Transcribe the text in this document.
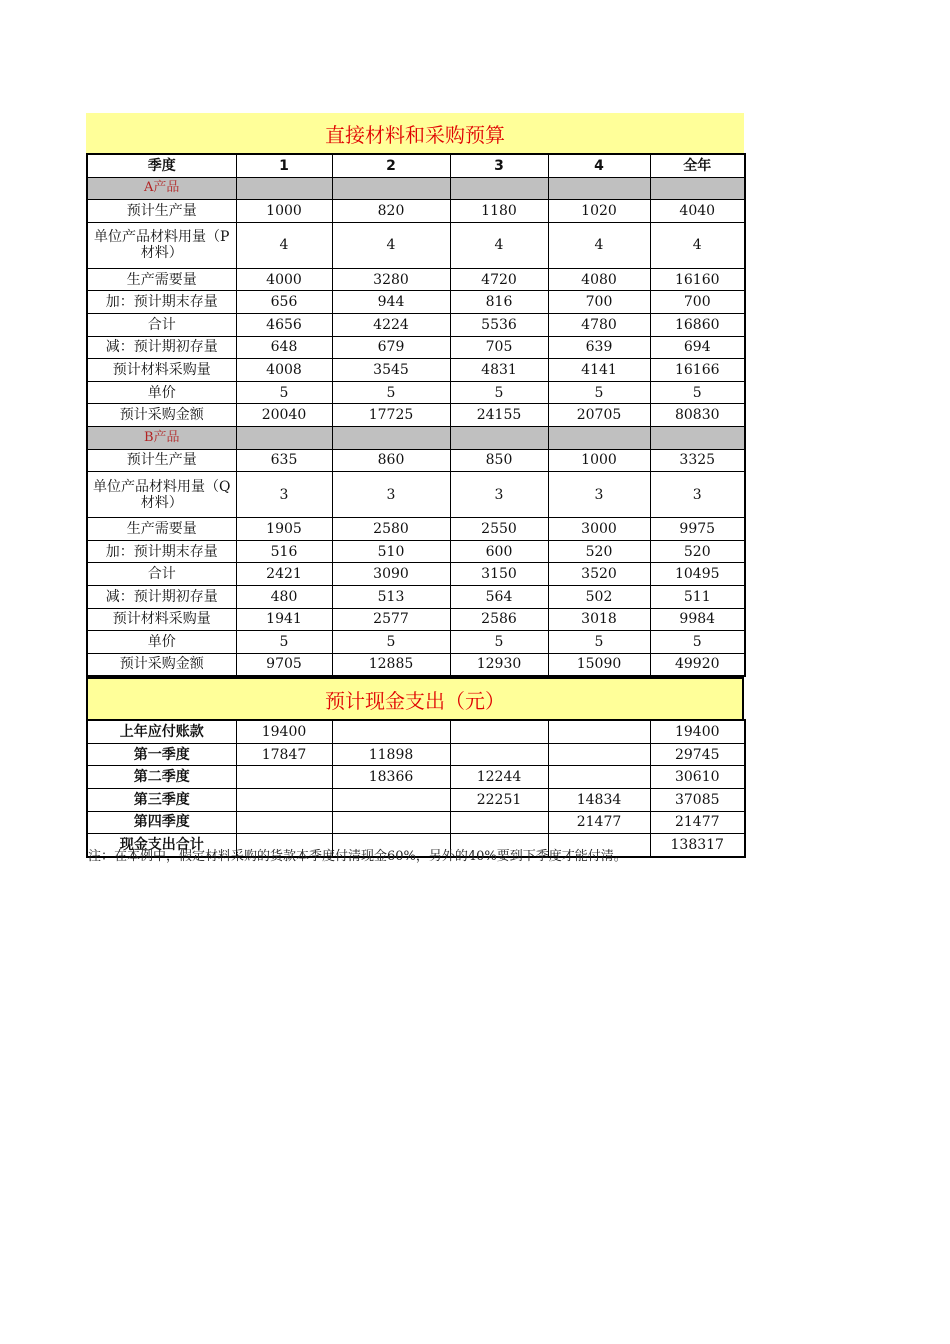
直接材料和采购预算
季度	1	2	3	4	全年
A产品					
预计生产量	1000	820	1180	1020	4040
单位产品材料用量（P材料）	4	4	4	4	4
生产需要量	4000	3280	4720	4080	16160
加：预计期末存量	656	944	816	700	700
合计	4656	4224	5536	4780	16860
减：预计期初存量	648	679	705	639	694
预计材料采购量	4008	3545	4831	4141	16166
单价	5	5	5	5	5
预计采购金额	20040	17725	24155	20705	80830
B产品					
预计生产量	635	860	850	1000	3325
单位产品材料用量（Q材料）	3	3	3	3	3
生产需要量	1905	2580	2550	3000	9975
加：预计期末存量	516	510	600	520	520
合计	2421	3090	3150	3520	10495
减：预计期初存量	480	513	564	502	511
预计材料采购量	1941	2577	2586	3018	9984
单价	5	5	5	5	5
预计采购金额	9705	12885	12930	15090	49920
预计现金支出（元）
上年应付账款	19400				19400
第一季度	17847	11898			29745
第二季度		18366	12244		30610
第三季度			22251	14834	37085
第四季度				21477	21477
现金支出合计					138317
注：在本例中，假定材料采购的货款本季度付清现金60%，另外的40%要到下季度才能付清。
